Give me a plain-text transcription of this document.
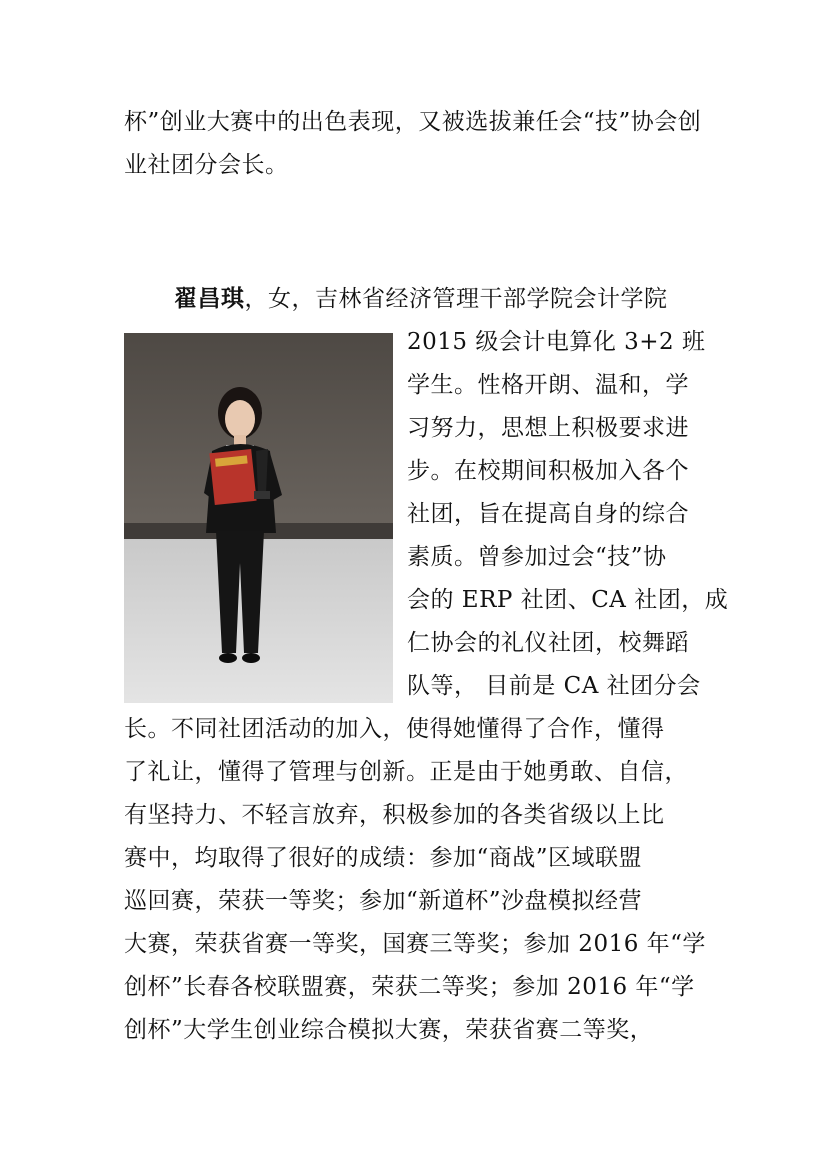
杯”创业大赛中的出色表现，又被选拔兼任会“技”协会创
业社团分会长。
翟昌琪，女，吉林省经济管理干部学院会计学院
2015 级会计电算化 3+2 班
学生。性格开朗、温和，学
习努力，思想上积极要求进
步。在校期间积极加入各个
社团，旨在提高自身的综合
素质。曾参加过会“技”协
会的 ERP 社团、CA 社团，成
仁协会的礼仪社团，校舞蹈
队等， 目前是 CA 社团分会
长。不同社团活动的加入，使得她懂得了合作，懂得
了礼让，懂得了管理与创新。正是由于她勇敢、自信，
有坚持力、不轻言放弃，积极参加的各类省级以上比
赛中，均取得了很好的成绩：参加“商战”区域联盟
巡回赛，荣获一等奖；参加“新道杯”沙盘模拟经营
大赛，荣获省赛一等奖，国赛三等奖；参加 2016 年“学
创杯”长春各校联盟赛，荣获二等奖；参加 2016 年“学
创杯”大学生创业综合模拟大赛，荣获省赛二等奖，
